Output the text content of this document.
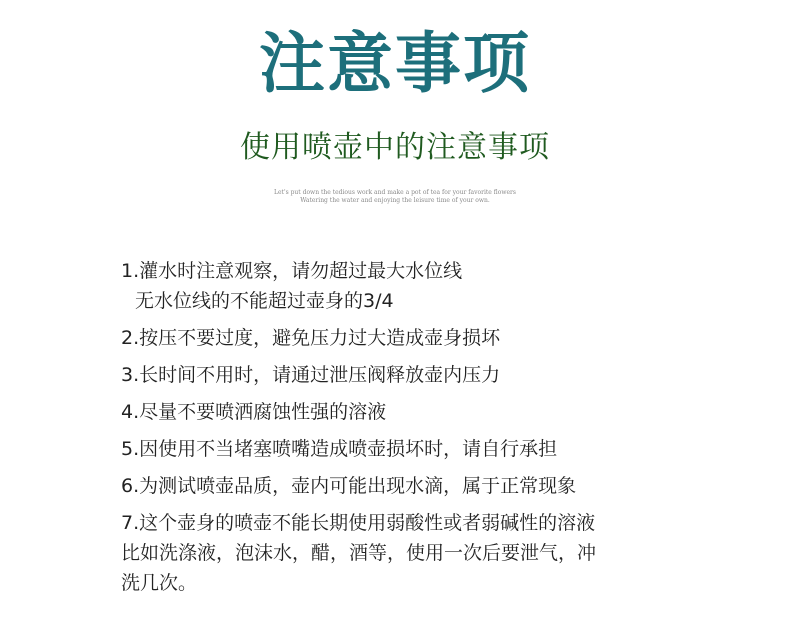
注意事项
使用喷壶中的注意事项
Let's put down the tedious work and make a pot of tea for your favorite flowers
Watering the water and enjoying the leisure time of your own.
1.灌水时注意观察，请勿超过最大水位线
无水位线的不能超过壶身的3/4
2.按压不要过度，避免压力过大造成壶身损坏
3.长时间不用时，请通过泄压阀释放壶内压力
4.尽量不要喷洒腐蚀性强的溶液
5.因使用不当堵塞喷嘴造成喷壶损坏时，请自行承担
6.为测试喷壶品质，壶内可能出现水滴，属于正常现象
7.这个壶身的喷壶不能长期使用弱酸性或者弱碱性的溶液
比如洗涤液，泡沫水，醋，酒等，使用一次后要泄气，冲
洗几次。
